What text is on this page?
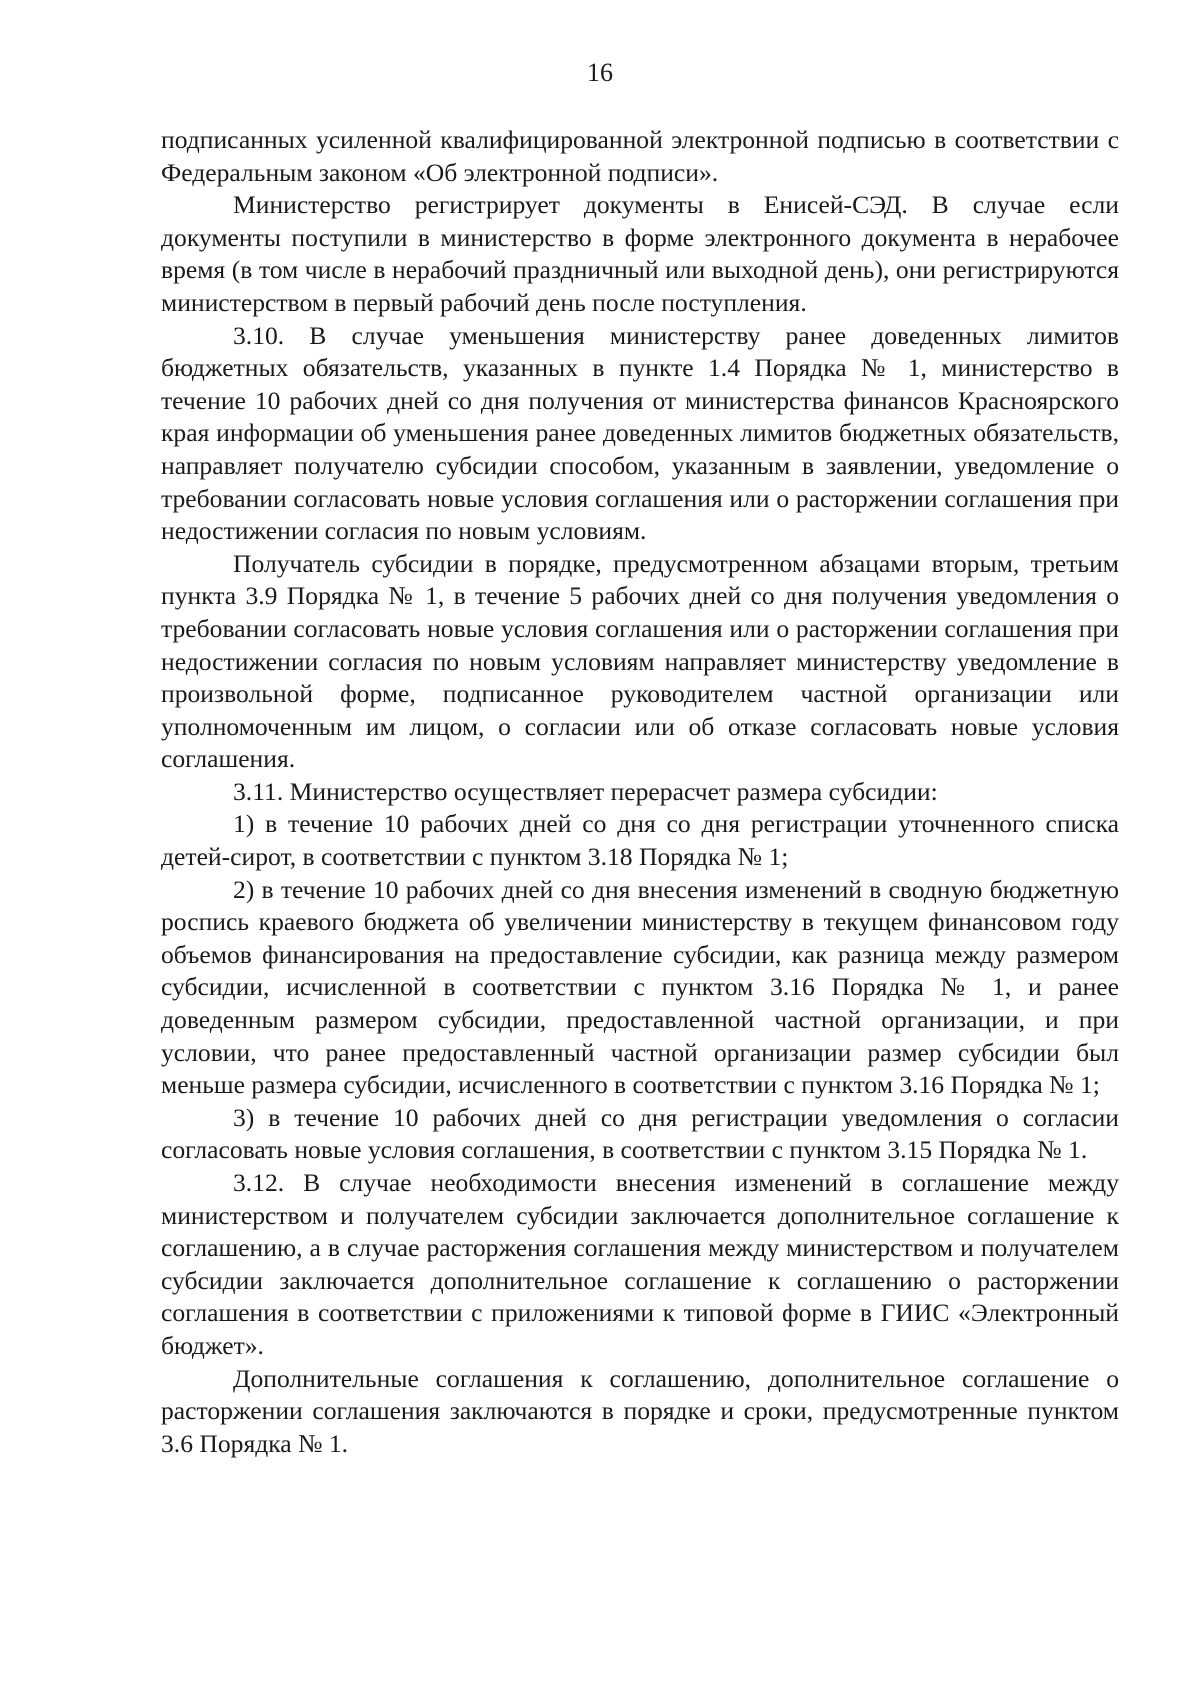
16

подписанных усиленной квалифицированной электронной подписью в соответствии с Федеральным законом «Об электронной подписи».

Министерство регистрирует документы в Енисей-СЭД. В случае если документы поступили в министерство в форме электронного документа в нерабочее время (в том числе в нерабочий праздничный или выходной день), они регистрируются министерством в первый рабочий день после поступления.

3.10. В случае уменьшения министерству ранее доведенных лимитов бюджетных обязательств, указанных в пункте 1.4 Порядка № 1, министерство в течение 10 рабочих дней со дня получения от министерства финансов Красноярского края информации об уменьшения ранее доведенных лимитов бюджетных обязательств, направляет получателю субсидии способом, указанным в заявлении, уведомление о требовании согласовать новые условия соглашения или о расторжении соглашения при недостижении согласия по новым условиям.

Получатель субсидии в порядке, предусмотренном абзацами вторым, третьим пункта 3.9 Порядка № 1, в течение 5 рабочих дней со дня получения уведомления о требовании согласовать новые условия соглашения или о расторжении соглашения при недостижении согласия по новым условиям направляет министерству уведомление в произвольной форме, подписанное руководителем частной организации или уполномоченным им лицом, о согласии или об отказе согласовать новые условия соглашения.

3.11. Министерство осуществляет перерасчет размера субсидии:

1) в течение 10 рабочих дней со дня со дня регистрации уточненного списка детей-сирот, в соответствии с пунктом 3.18 Порядка № 1;

2) в течение 10 рабочих дней со дня внесения изменений в сводную бюджетную роспись краевого бюджета об увеличении министерству в текущем финансовом году объемов финансирования на предоставление субсидии, как разница между размером субсидии, исчисленной в соответствии с пунктом 3.16 Порядка № 1, и ранее доведенным размером субсидии, предоставленной частной организации, и при условии, что ранее предоставленный частной организации размер субсидии был меньше размера субсидии, исчисленного в соответствии с пунктом 3.16 Порядка № 1;

3) в течение 10 рабочих дней со дня регистрации уведомления о согласии согласовать новые условия соглашения, в соответствии с пунктом 3.15 Порядка № 1.

3.12. В случае необходимости внесения изменений в соглашение между министерством и получателем субсидии заключается дополнительное соглашение к соглашению, а в случае расторжения соглашения между министерством и получателем субсидии заключается дополнительное соглашение к соглашению о расторжении соглашения в соответствии с приложениями к типовой форме в ГИИС «Электронный бюджет».

Дополнительные соглашения к соглашению, дополнительное соглашение о расторжении соглашения заключаются в порядке и сроки, предусмотренные пунктом 3.6 Порядка № 1.
